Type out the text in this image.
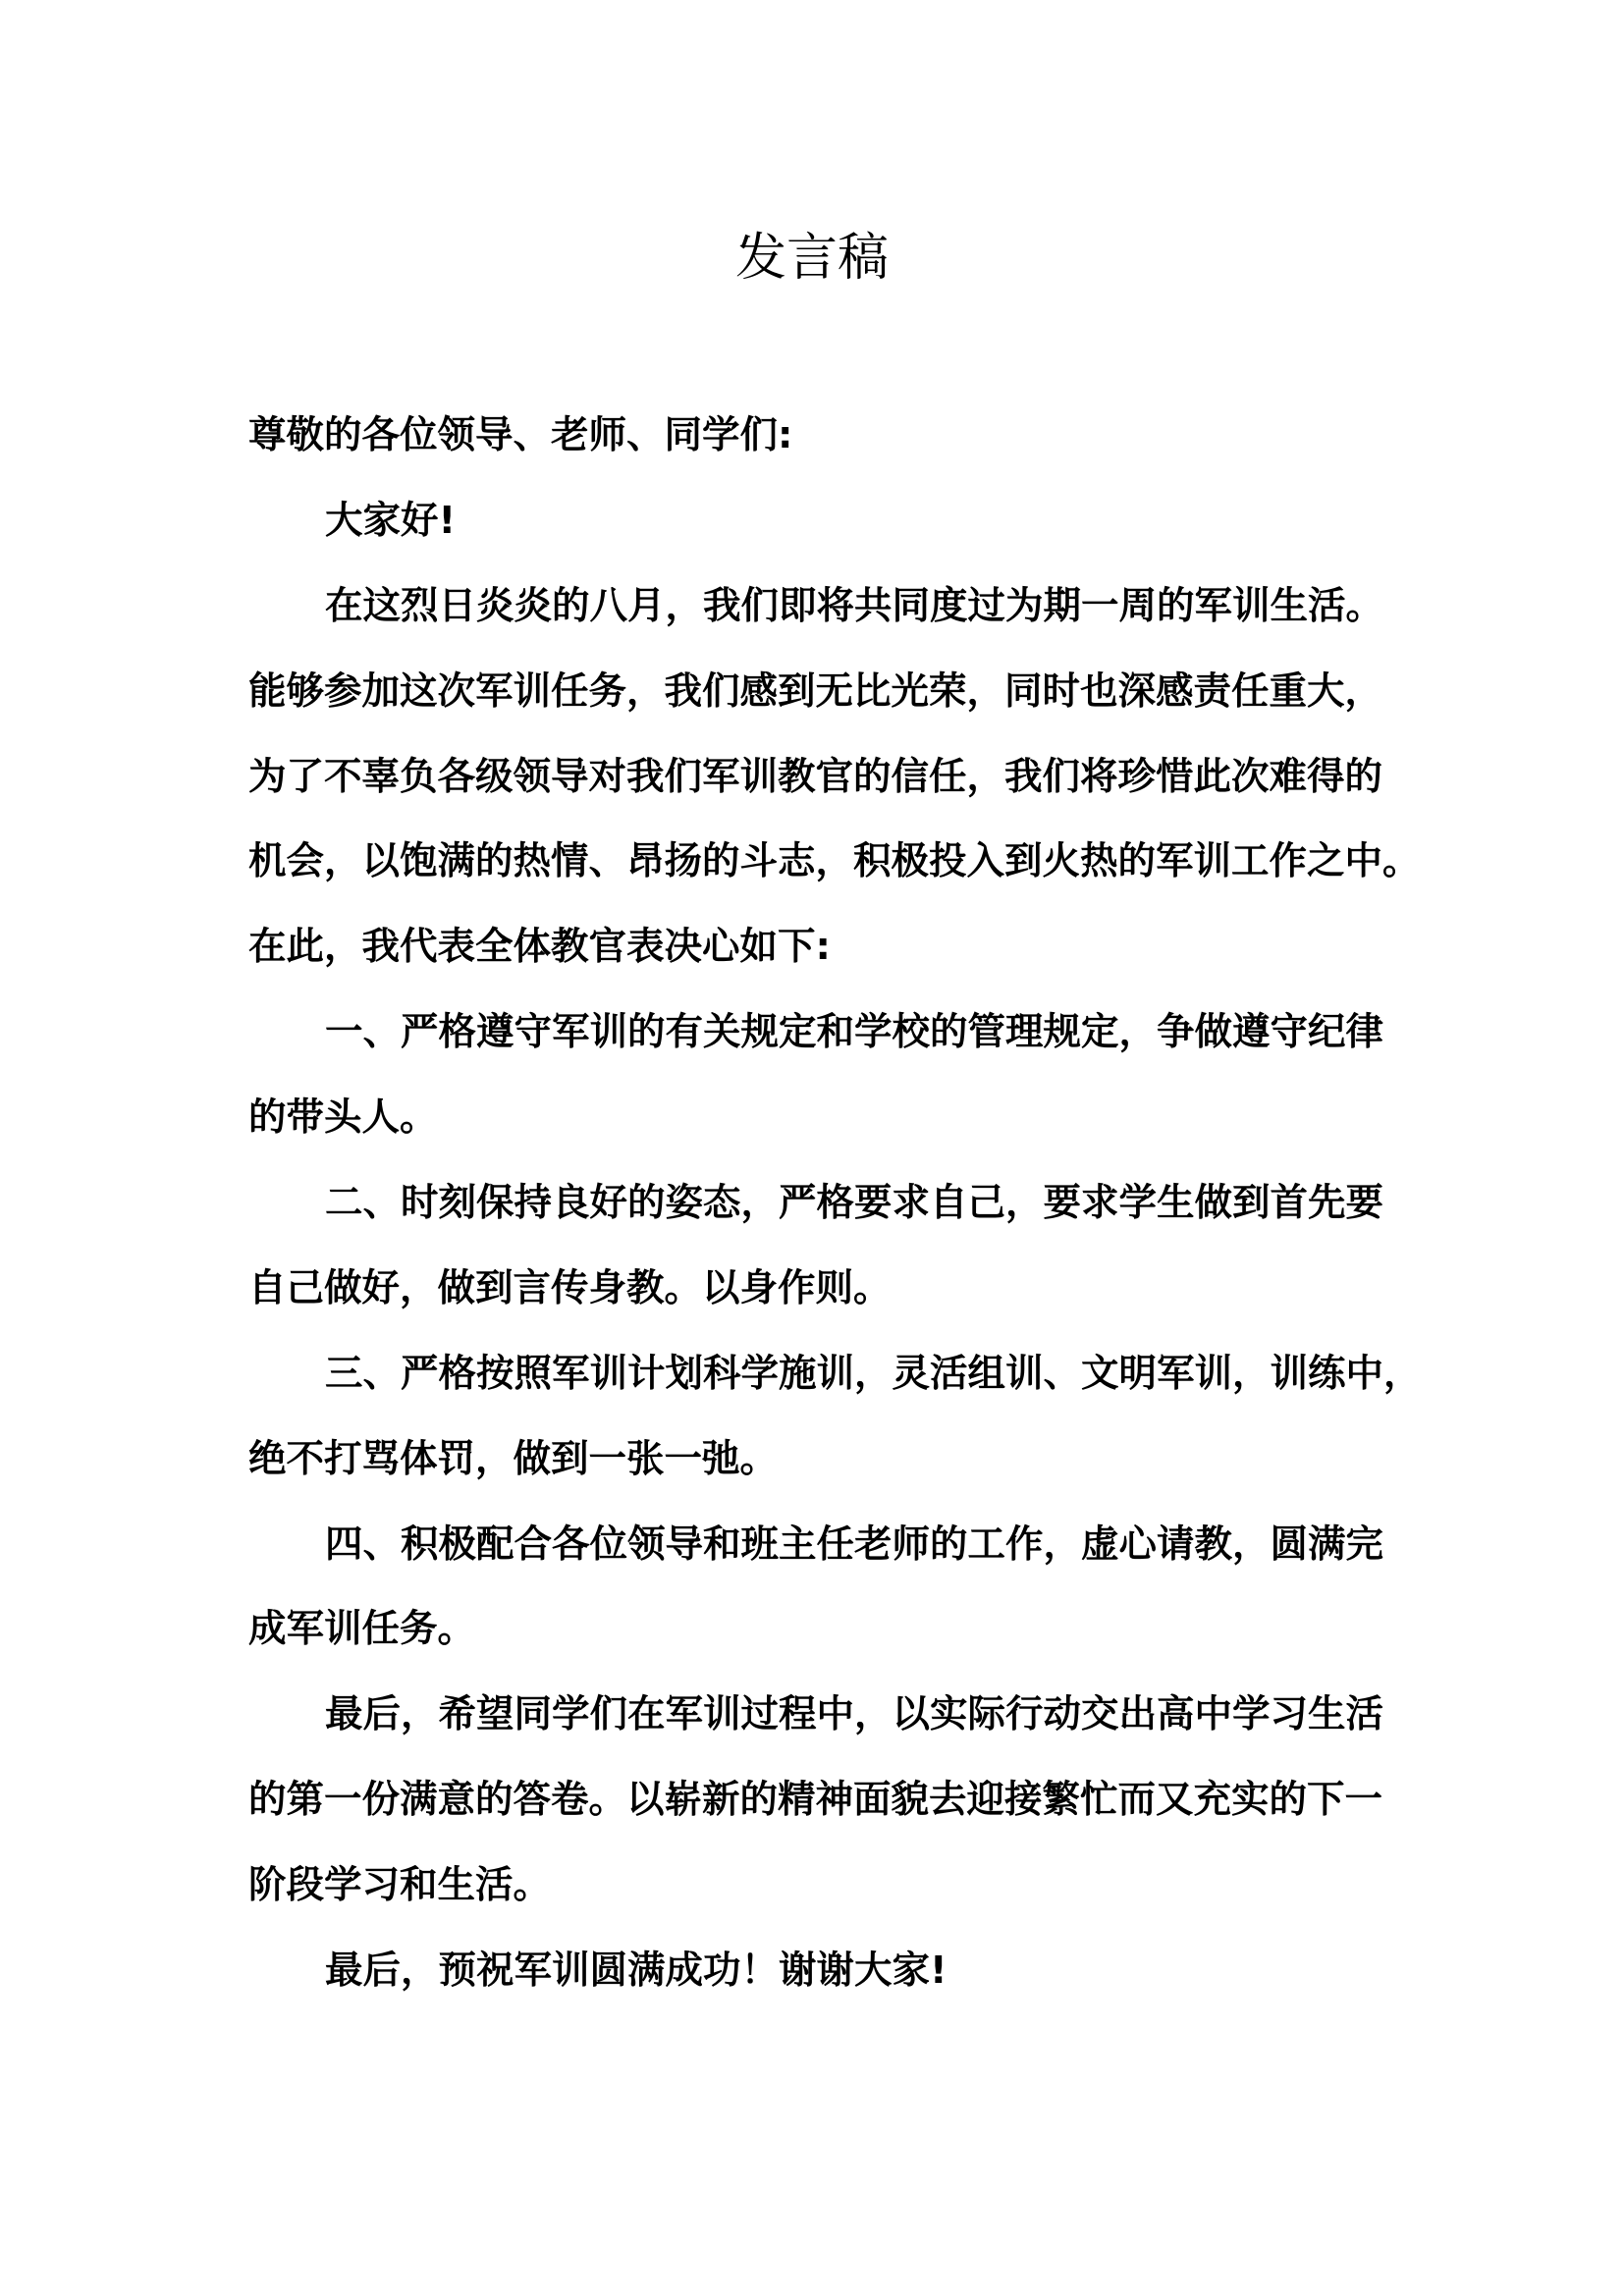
发言稿
尊敬的各位领导、老师、同学们:
大家好!
在这烈日炎炎的八月，我们即将共同度过为期一周的军训生活。
能够参加这次军训任务，我们感到无比光荣，同时也深感责任重大，
为了不辜负各级领导对我们军训教官的信任，我们将珍惜此次难得的
机会，以饱满的热情、昂扬的斗志，积极投入到火热的军训工作之中。
在此，我代表全体教官表决心如下:
一、严格遵守军训的有关规定和学校的管理规定，争做遵守纪律
的带头人。
二、时刻保持良好的姿态，严格要求自己，要求学生做到首先要
自己做好，做到言传身教。以身作则。
三、严格按照军训计划科学施训，灵活组训、文明军训，训练中，
绝不打骂体罚，做到一张一弛。
四、积极配合各位领导和班主任老师的工作，虚心请教，圆满完
成军训任务。
最后，希望同学们在军训过程中，以实际行动交出高中学习生活
的第一份满意的答卷。以崭新的精神面貌去迎接繁忙而又充实的下一
阶段学习和生活。
最后，预祝军训圆满成功！谢谢大家!
